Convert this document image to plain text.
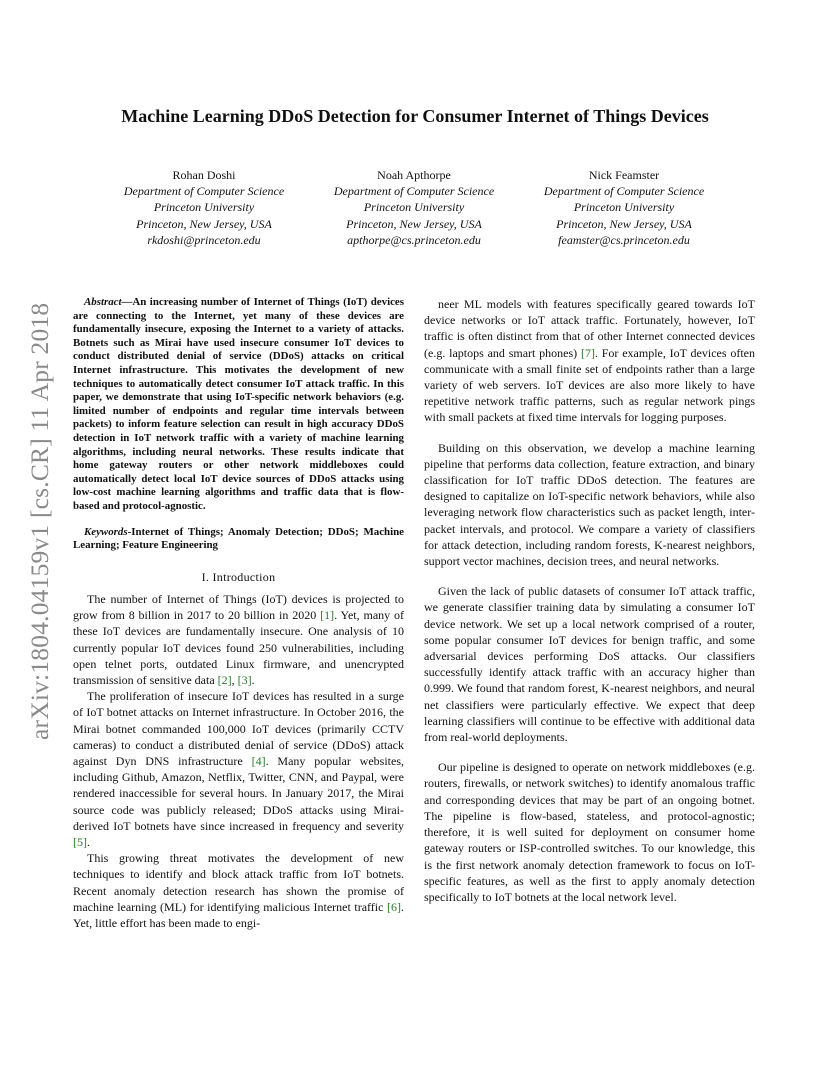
arXiv:1804.04159v1 [cs.CR] 11 Apr 2018
Machine Learning DDoS Detection for Consumer Internet of Things Devices
Rohan Doshi
Department of Computer Science
Princeton University
Princeton, New Jersey, USA
rkdoshi@princeton.edu
Noah Apthorpe
Department of Computer Science
Princeton University
Princeton, New Jersey, USA
apthorpe@cs.princeton.edu
Nick Feamster
Department of Computer Science
Princeton University
Princeton, New Jersey, USA
feamster@cs.princeton.edu
Abstract—An increasing number of Internet of Things (IoT) devices are connecting to the Internet, yet many of these devices are fundamentally insecure, exposing the Internet to a variety of attacks. Botnets such as Mirai have used insecure consumer IoT devices to conduct distributed denial of service (DDoS) attacks on critical Internet infrastructure. This motivates the development of new techniques to automatically detect consumer IoT attack traffic. In this paper, we demonstrate that using IoT-specific network behaviors (e.g. limited number of endpoints and regular time intervals between packets) to inform feature selection can result in high accuracy DDoS detection in IoT network traffic with a variety of machine learning algorithms, including neural networks. These results indicate that home gateway routers or other network middleboxes could automatically detect local IoT device sources of DDoS attacks using low-cost machine learning algorithms and traffic data that is flow-based and protocol-agnostic.
Keywords-Internet of Things; Anomaly Detection; DDoS; Machine Learning; Feature Engineering
I. Introduction

The number of Internet of Things (IoT) devices is projected to grow from 8 billion in 2017 to 20 billion in 2020 [1]. Yet, many of these IoT devices are fundamentally insecure. One analysis of 10 currently popular IoT devices found 250 vulnerabilities, including open telnet ports, outdated Linux firmware, and unencrypted transmission of sensitive data [2], [3].

The proliferation of insecure IoT devices has resulted in a surge of IoT botnet attacks on Internet infrastructure. In October 2016, the Mirai botnet commanded 100,000 IoT devices (primarily CCTV cameras) to conduct a distributed denial of service (DDoS) attack against Dyn DNS infrastructure [4]. Many popular websites, including Github, Amazon, Netflix, Twitter, CNN, and Paypal, were rendered inaccessible for several hours. In January 2017, the Mirai source code was publicly released; DDoS attacks using Mirai-derived IoT botnets have since increased in frequency and severity [5].

This growing threat motivates the development of new techniques to identify and block attack traffic from IoT botnets. Recent anomaly detection research has shown the promise of machine learning (ML) for identifying malicious Internet traffic [6]. Yet, little effort has been made to engi-

neer ML models with features specifically geared towards IoT device networks or IoT attack traffic. Fortunately, however, IoT traffic is often distinct from that of other Internet connected devices (e.g. laptops and smart phones) [7]. For example, IoT devices often communicate with a small finite set of endpoints rather than a large variety of web servers. IoT devices are also more likely to have repetitive network traffic patterns, such as regular network pings with small packets at fixed time intervals for logging purposes.

Building on this observation, we develop a machine learning pipeline that performs data collection, feature extraction, and binary classification for IoT traffic DDoS detection. The features are designed to capitalize on IoT-specific network behaviors, while also leveraging network flow characteristics such as packet length, inter-packet intervals, and protocol. We compare a variety of classifiers for attack detection, including random forests, K-nearest neighbors, support vector machines, decision trees, and neural networks.

Given the lack of public datasets of consumer IoT attack traffic, we generate classifier training data by simulating a consumer IoT device network. We set up a local network comprised of a router, some popular consumer IoT devices for benign traffic, and some adversarial devices performing DoS attacks. Our classifiers successfully identify attack traffic with an accuracy higher than 0.999. We found that random forest, K-nearest neighbors, and neural net classifiers were particularly effective. We expect that deep learning classifiers will continue to be effective with additional data from real-world deployments.

Our pipeline is designed to operate on network middleboxes (e.g. routers, firewalls, or network switches) to identify anomalous traffic and corresponding devices that may be part of an ongoing botnet. The pipeline is flow-based, stateless, and protocol-agnostic; therefore, it is well suited for deployment on consumer home gateway routers or ISP-controlled switches. To our knowledge, this is the first network anomaly detection framework to focus on IoT-specific features, as well as the first to apply anomaly detection specifically to IoT botnets at the local network level.
